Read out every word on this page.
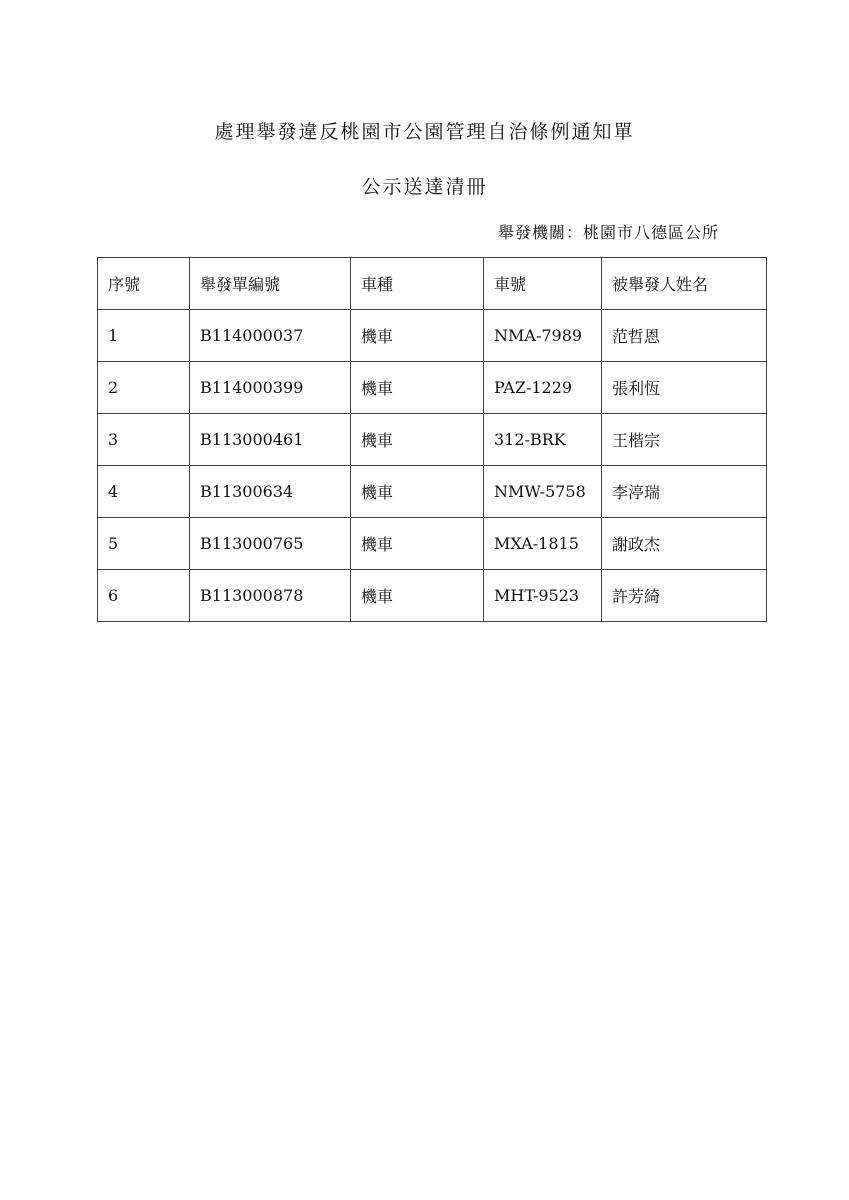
處理舉發違反桃園市公園管理自治條例通知單
公示送達清冊
舉發機關：桃園市八德區公所
序號	舉發單編號	車種	車號	被舉發人姓名
1	B114000037	機車	NMA-7989	范哲恩
2	B114000399	機車	PAZ-1229	張利恆
3	B113000461	機車	312-BRK	王楷宗
4	B11300634	機車	NMW-5758	李渟瑞
5	B113000765	機車	MXA-1815	謝政杰
6	B113000878	機車	MHT-9523	許芳綺
